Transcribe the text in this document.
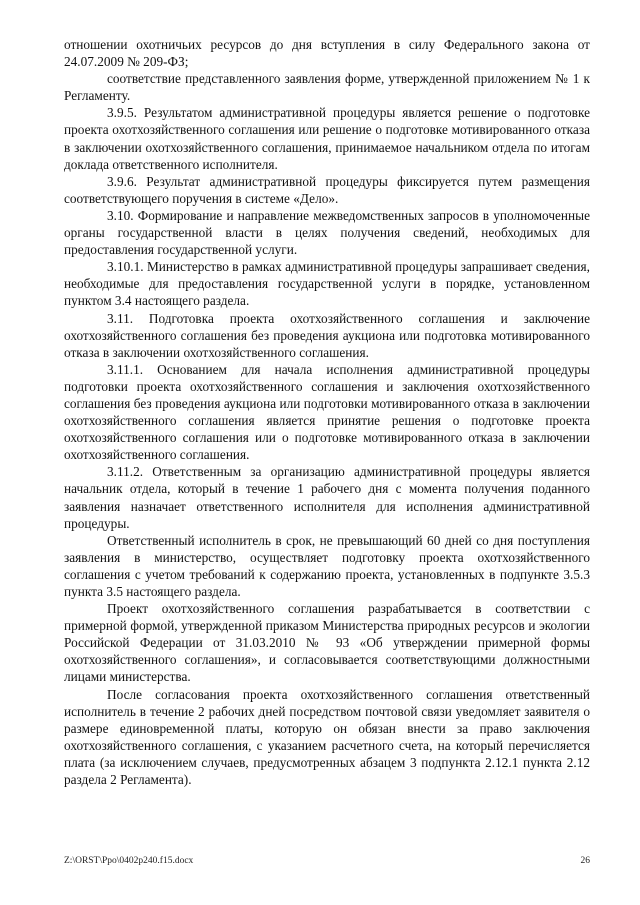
отношении охотничьих ресурсов до дня вступления в силу Федерального закона от 24.07.2009 № 209-ФЗ;

соответствие представленного заявления форме, утвержденной приложением № 1 к Регламенту.

3.9.5. Результатом административной процедуры является решение о подготовке проекта охотхозяйственного соглашения или решение о подготовке мотивированного отказа в заключении охотхозяйственного соглашения, принимаемое начальником отдела по итогам доклада ответственного исполнителя.

3.9.6. Результат административной процедуры фиксируется путем размещения соответствующего поручения в системе «Дело».

3.10. Формирование и направление межведомственных запросов в уполномоченные органы государственной власти в целях получения сведений, необходимых для предоставления государственной услуги.

3.10.1. Министерство в рамках административной процедуры запрашивает сведения, необходимые для предоставления государственной услуги в порядке, установленном пунктом 3.4 настоящего раздела.

3.11. Подготовка проекта охотхозяйственного соглашения и заключение охотхозяйственного соглашения без проведения аукциона или подготовка мотивированного отказа в заключении охотхозяйственного соглашения.

3.11.1. Основанием для начала исполнения административной процедуры подготовки проекта охотхозяйственного соглашения и заключения охотхозяйственного соглашения без проведения аукциона или подготовки мотивированного отказа в заключении охотхозяйственного соглашения является принятие решения о подготовке проекта охотхозяйственного соглашения или о подготовке мотивированного отказа в заключении охотхозяйственного соглашения.

3.11.2. Ответственным за организацию административной процедуры является начальник отдела, который в течение 1 рабочего дня с момента получения поданного заявления назначает ответственного исполнителя для исполнения административной процедуры.

Ответственный исполнитель в срок, не превышающий 60 дней со дня поступления заявления в министерство, осуществляет подготовку проекта охотхозяйственного соглашения с учетом требований к содержанию проекта, установленных в подпункте 3.5.3 пункта 3.5 настоящего раздела.

Проект охотхозяйственного соглашения разрабатывается в соответствии с примерной формой, утвержденной приказом Министерства природных ресурсов и экологии Российской Федерации от 31.03.2010 № 93 «Об утверждении примерной формы охотхозяйственного соглашения», и согласовывается соответствующими должностными лицами министерства.

После согласования проекта охотхозяйственного соглашения ответственный исполнитель в течение 2 рабочих дней посредством почтовой связи уведомляет заявителя о размере единовременной платы, которую он обязан внести за право заключения охотхозяйственного соглашения, с указанием расчетного счета, на который перечисляется плата (за исключением случаев, предусмотренных абзацем 3 подпункта 2.12.1 пункта 2.12 раздела 2 Регламента).

Z:\ORST\Ppo\0402p240.f15.docx	26
